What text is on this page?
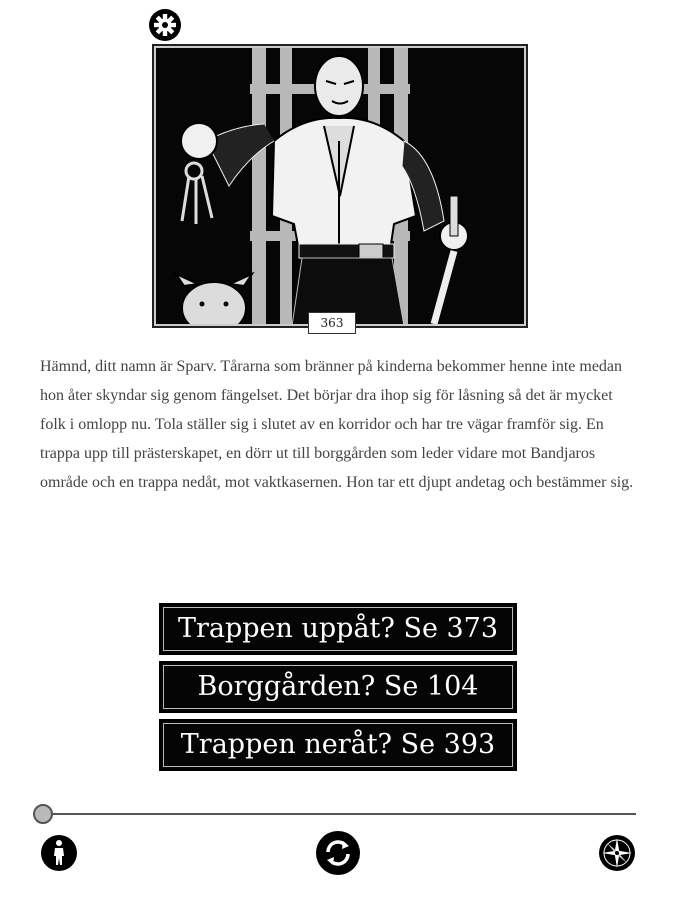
363

Hämnd, ditt namn är Sparv. Tårarna som bränner på kinderna bekommer henne inte medan hon åter skyndar sig genom fängelset. Det börjar dra ihop sig för låsning så det är mycket folk i omlopp nu. Tola ställer sig i slutet av en korridor och har tre vägar framför sig. En trappa upp till prästerskapet, en dörr ut till borggården som leder vidare mot Bandjaros område och en trappa nedåt, mot vaktkasernen. Hon tar ett djupt andetag och bestämmer sig.

Trappen uppåt? Se 373
Borggården? Se 104
Trappen neråt? Se 393
